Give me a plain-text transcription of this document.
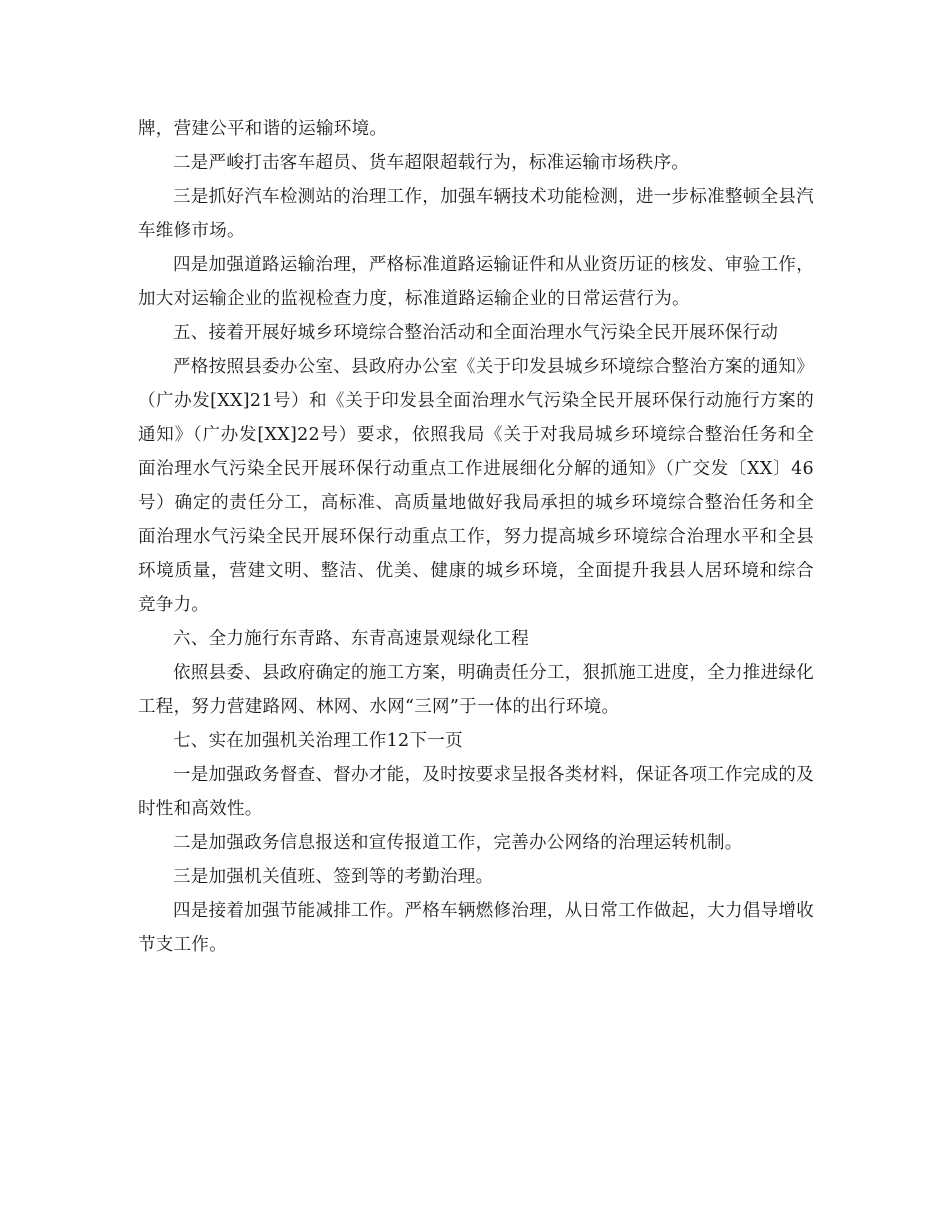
牌，营建公平和谐的运输环境。

二是严峻打击客车超员、货车超限超载行为，标准运输市场秩序。

三是抓好汽车检测站的治理工作，加强车辆技术功能检测，进一步标准整顿全县汽车维修市场。

四是加强道路运输治理，严格标准道路运输证件和从业资历证的核发、审验工作，加大对运输企业的监视检查力度，标准道路运输企业的日常运营行为。

五、接着开展好城乡环境综合整治活动和全面治理水气污染全民开展环保行动

严格按照县委办公室、县政府办公室《关于印发县城乡环境综合整治方案的通知》（广办发[XX]21号）和《关于印发县全面治理水气污染全民开展环保行动施行方案的通知》（广办发[XX]22号）要求，依照我局《关于对我局城乡环境综合整治任务和全面治理水气污染全民开展环保行动重点工作进展细化分解的通知》（广交发〔XX〕46号）确定的责任分工，高标准、高质量地做好我局承担的城乡环境综合整治任务和全面治理水气污染全民开展环保行动重点工作，努力提高城乡环境综合治理水平和全县环境质量，营建文明、整洁、优美、健康的城乡环境，全面提升我县人居环境和综合竞争力。

六、全力施行东青路、东青高速景观绿化工程

依照县委、县政府确定的施工方案，明确责任分工，狠抓施工进度，全力推进绿化工程，努力营建路网、林网、水网“三网”于一体的出行环境。

七、实在加强机关治理工作12下一页

一是加强政务督查、督办才能，及时按要求呈报各类材料，保证各项工作完成的及时性和高效性。

二是加强政务信息报送和宣传报道工作，完善办公网络的治理运转机制。

三是加强机关值班、签到等的考勤治理。

四是接着加强节能减排工作。严格车辆燃修治理，从日常工作做起，大力倡导增收节支工作。
